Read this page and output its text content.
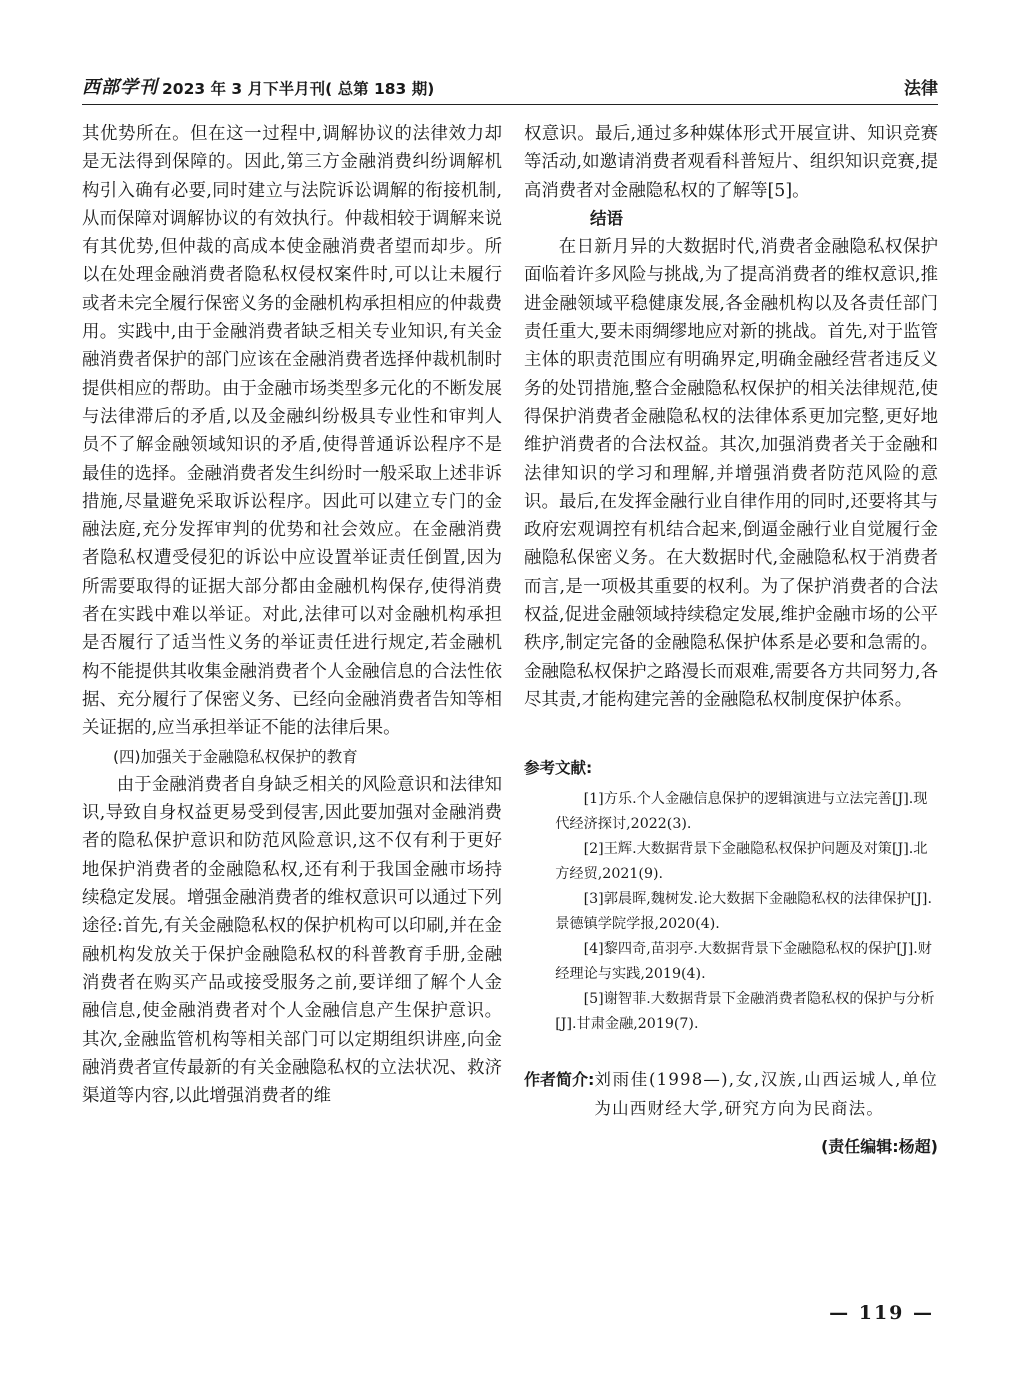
西部学刊 2023 年 3 月下半月刊( 总第 183 期)	法律

其优势所在。但在这一过程中,调解协议的法律效力却是无法得到保障的。因此,第三方金融消费纠纷调解机构引入确有必要,同时建立与法院诉讼调解的衔接机制,从而保障对调解协议的有效执行。仲裁相较于调解来说有其优势,但仲裁的高成本使金融消费者望而却步。所以在处理金融消费者隐私权侵权案件时,可以让未履行或者未完全履行保密义务的金融机构承担相应的仲裁费用。实践中,由于金融消费者缺乏相关专业知识,有关金融消费者保护的部门应该在金融消费者选择仲裁机制时提供相应的帮助。由于金融市场类型多元化的不断发展与法律滞后的矛盾,以及金融纠纷极具专业性和审判人员不了解金融领域知识的矛盾,使得普通诉讼程序不是最佳的选择。金融消费者发生纠纷时一般采取上述非诉措施,尽量避免采取诉讼程序。因此可以建立专门的金融法庭,充分发挥审判的优势和社会效应。在金融消费者隐私权遭受侵犯的诉讼中应设置举证责任倒置,因为所需要取得的证据大部分都由金融机构保存,使得消费者在实践中难以举证。对此,法律可以对金融机构承担是否履行了适当性义务的举证责任进行规定,若金融机构不能提供其收集金融消费者个人金融信息的合法性依据、充分履行了保密义务、已经向金融消费者告知等相关证据的,应当承担举证不能的法律后果。

(四)加强关于金融隐私权保护的教育

由于金融消费者自身缺乏相关的风险意识和法律知识,导致自身权益更易受到侵害,因此要加强对金融消费者的隐私保护意识和防范风险意识,这不仅有利于更好地保护消费者的金融隐私权,还有利于我国金融市场持续稳定发展。增强金融消费者的维权意识可以通过下列途径:首先,有关金融隐私权的保护机构可以印刷,并在金融机构发放关于保护金融隐私权的科普教育手册,金融消费者在购买产品或接受服务之前,要详细了解个人金融信息,使金融消费者对个人金融信息产生保护意识。其次,金融监管机构等相关部门可以定期组织讲座,向金融消费者宣传最新的有关金融隐私权的立法状况、救济渠道等内容,以此增强消费者的维

权意识。最后,通过多种媒体形式开展宣讲、知识竞赛等活动,如邀请消费者观看科普短片、组织知识竞赛,提高消费者对金融隐私权的了解等[5]。

结语

在日新月异的大数据时代,消费者金融隐私权保护面临着许多风险与挑战,为了提高消费者的维权意识,推进金融领域平稳健康发展,各金融机构以及各责任部门责任重大,要未雨绸缪地应对新的挑战。首先,对于监管主体的职责范围应有明确界定,明确金融经营者违反义务的处罚措施,整合金融隐私权保护的相关法律规范,使得保护消费者金融隐私权的法律体系更加完整,更好地维护消费者的合法权益。其次,加强消费者关于金融和法律知识的学习和理解,并增强消费者防范风险的意识。最后,在发挥金融行业自律作用的同时,还要将其与政府宏观调控有机结合起来,倒逼金融行业自觉履行金融隐私保密义务。在大数据时代,金融隐私权于消费者而言,是一项极其重要的权利。为了保护消费者的合法权益,促进金融领域持续稳定发展,维护金融市场的公平秩序,制定完备的金融隐私保护体系是必要和急需的。金融隐私权保护之路漫长而艰难,需要各方共同努力,各尽其责,才能构建完善的金融隐私权制度保护体系。

参考文献:

[1]方乐.个人金融信息保护的逻辑演进与立法完善[J].现代经济探讨,2022(3).

[2]王辉.大数据背景下金融隐私权保护问题及对策[J].北方经贸,2021(9).

[3]郭晨晖,魏树发.论大数据下金融隐私权的法律保护[J].景德镇学院学报,2020(4).

[4]黎四奇,苗羽亭.大数据背景下金融隐私权的保护[J].财经理论与实践,2019(4).

[5]谢智菲.大数据背景下金融消费者隐私权的保护与分析[J].甘肃金融,2019(7).

作者简介: 刘雨佳(1998—),女,汉族,山西运城人,单位为山西财经大学,研究方向为民商法。
(责任编辑:杨超)
— 119 —
